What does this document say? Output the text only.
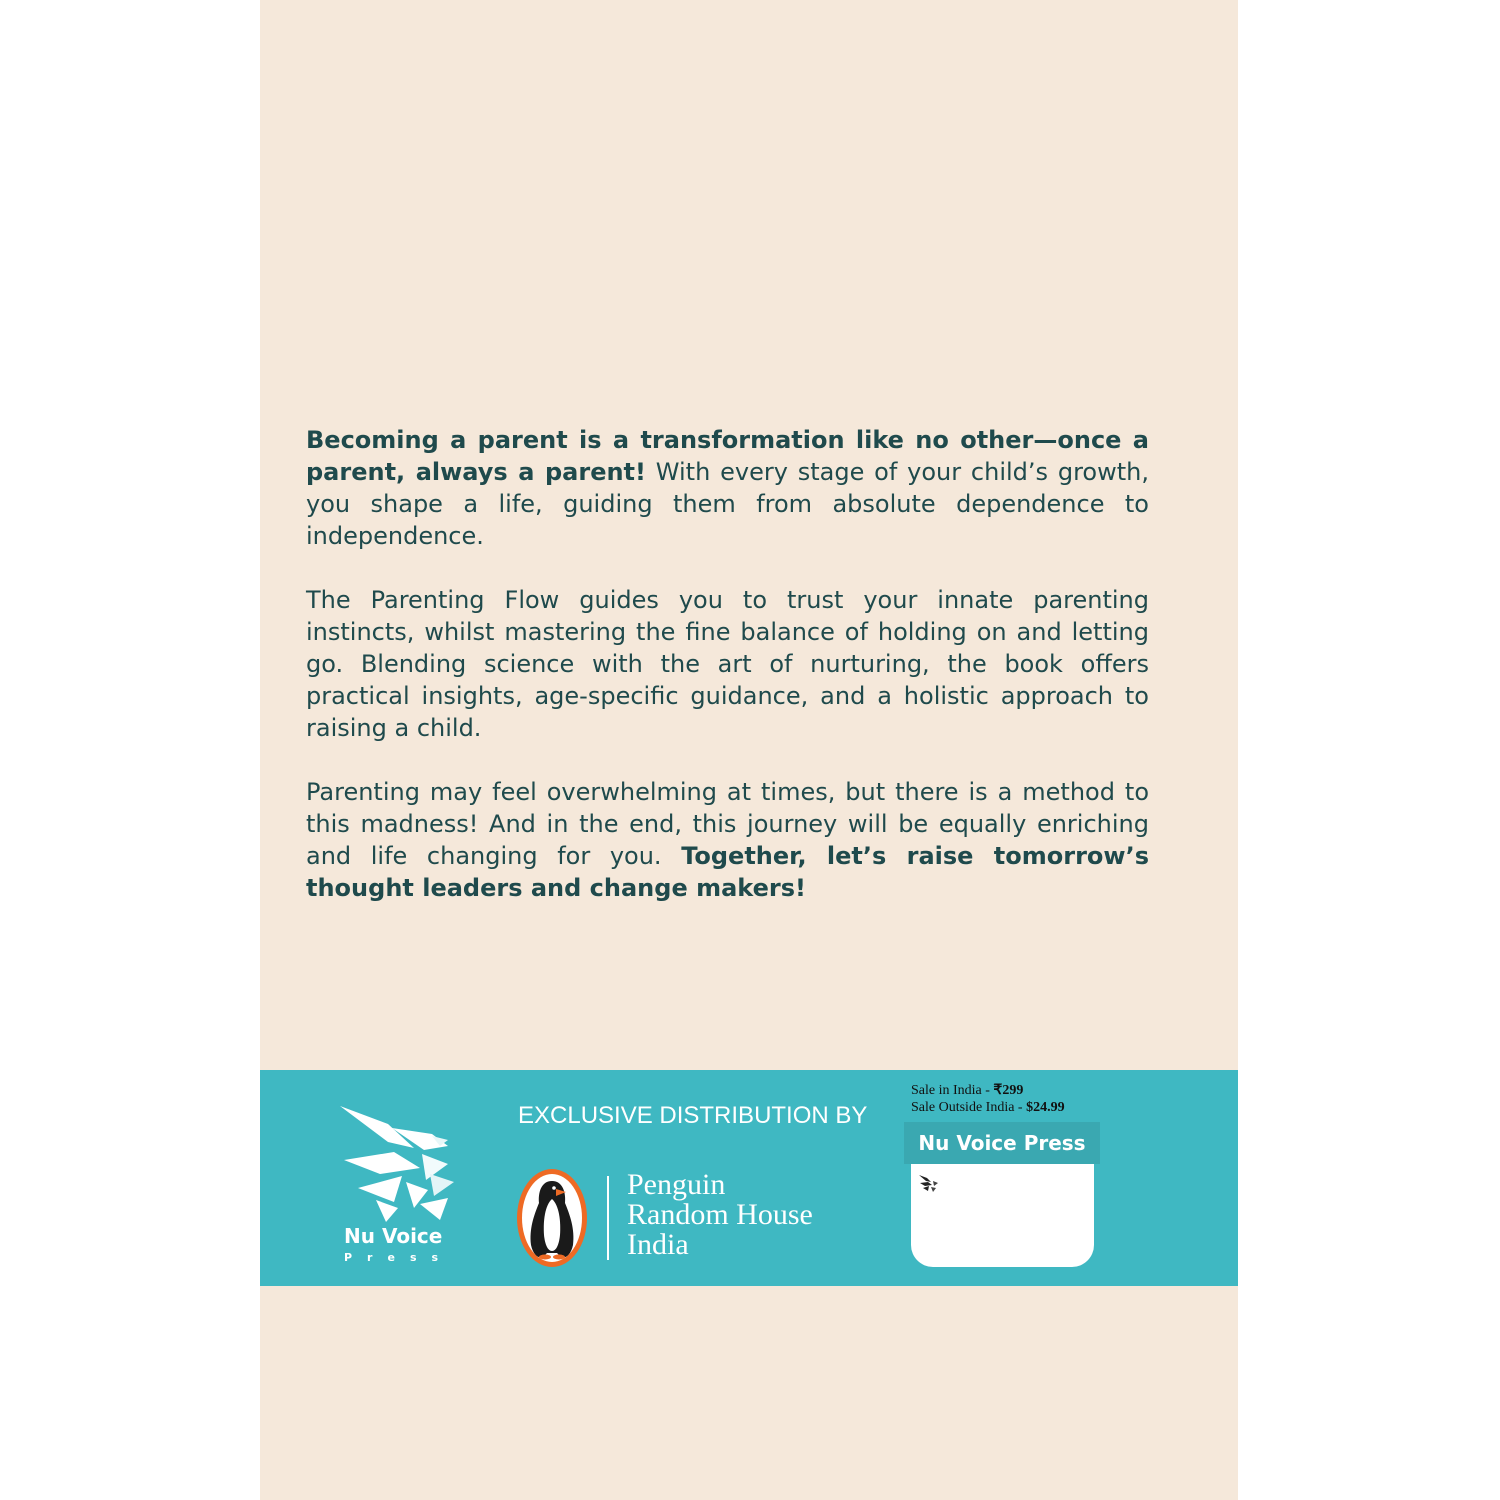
Becoming a parent is a transformation like no other—once a parent, always a parent! With every stage of your child’s growth, you shape a life, guiding them from absolute dependence to independence.

The Parenting Flow guides you to trust your innate parenting instincts, whilst mastering the fine balance of holding on and letting go. Blending science with the art of nurturing, the book offers practical insights, age-specific guidance, and a holistic approach to raising a child.

Parenting may feel overwhelming at times, but there is a method to this madness! And in the end, this journey will be equally enriching and life changing for you. Together, let’s raise tomorrow’s thought leaders and change makers!

Nu Voice
Press
EXCLUSIVE DISTRIBUTION BY
Penguin
Random House
India
Sale in India - ₹299
Sale Outside India - $24.99
Nu Voice Press
